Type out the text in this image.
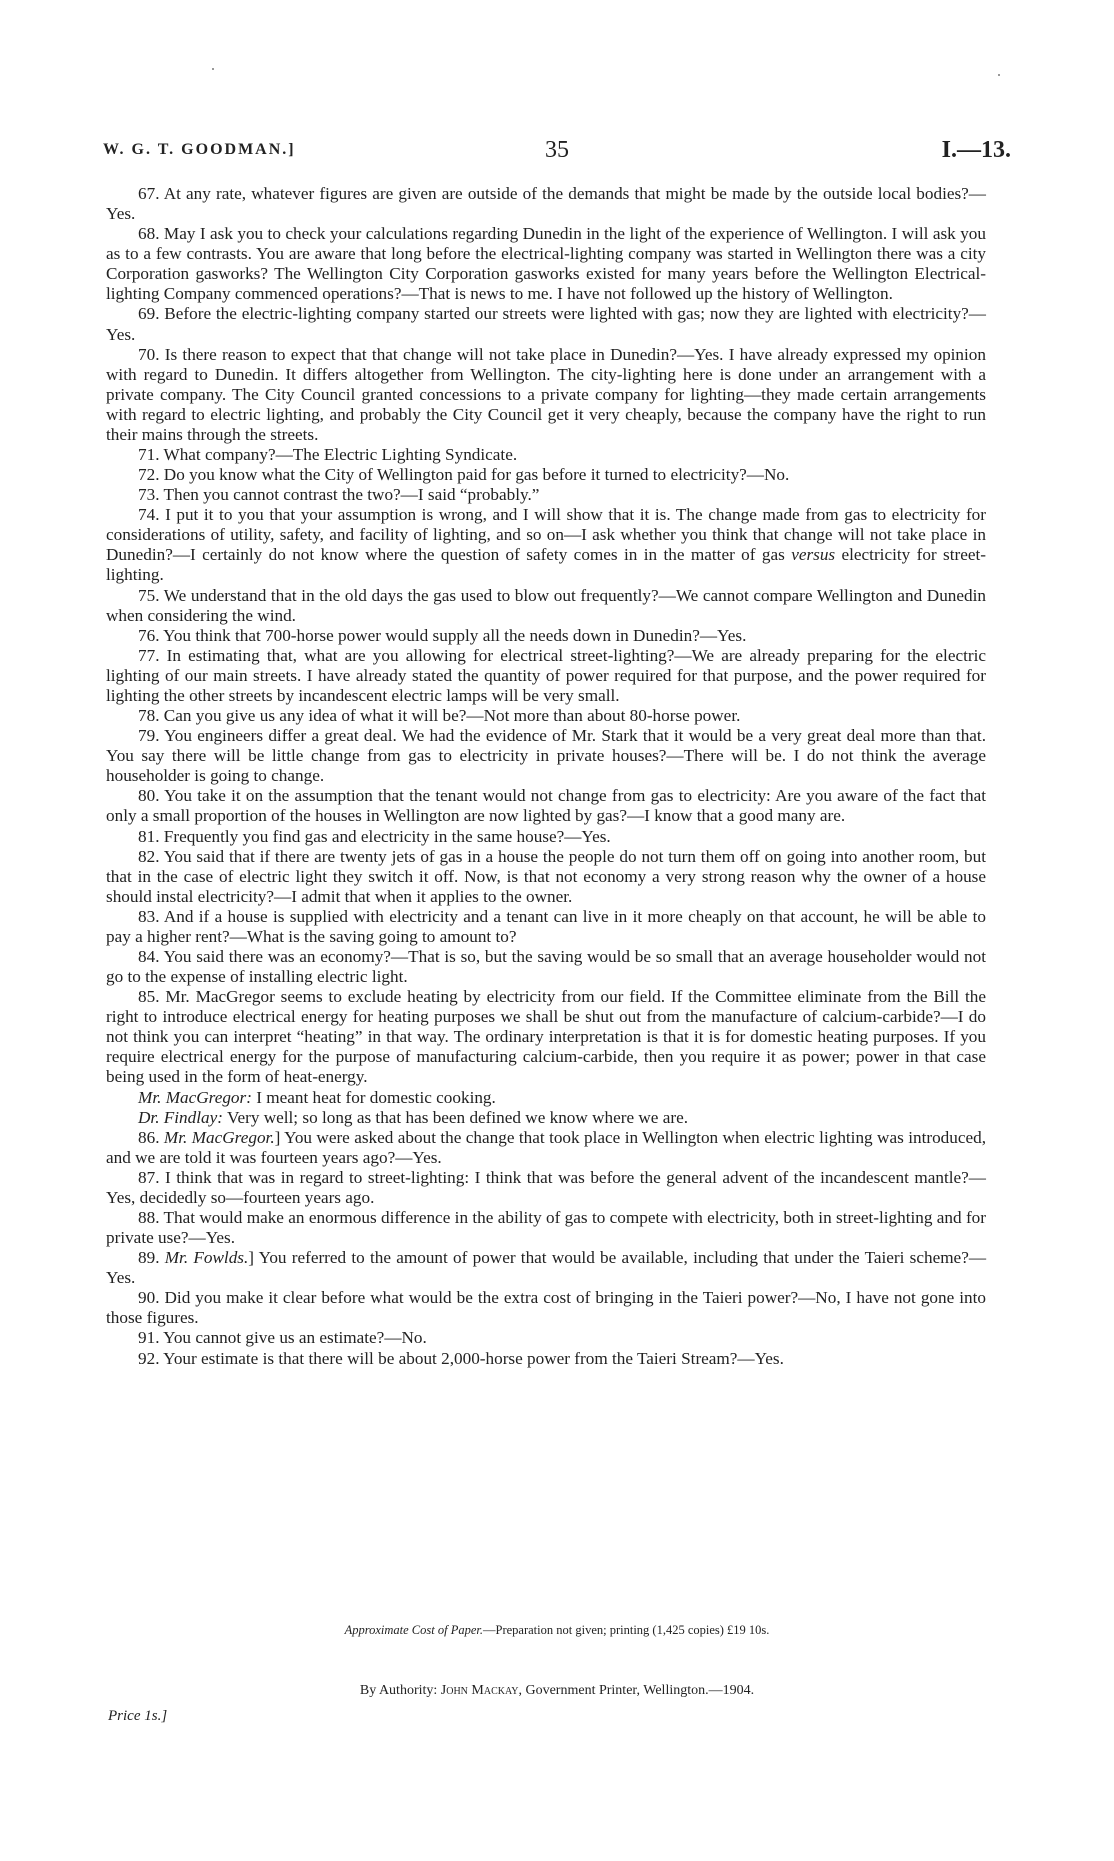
W. G. T. GOODMAN.]	35	I.—13.

67. At any rate, whatever figures are given are outside of the demands that might be made by the outside local bodies?—Yes.

68. May I ask you to check your calculations regarding Dunedin in the light of the experience of Wellington. I will ask you as to a few contrasts. You are aware that long before the electrical-lighting company was started in Wellington there was a city Corporation gasworks? The Wellington City Corporation gasworks existed for many years before the Wellington Electrical-lighting Company commenced operations?—That is news to me. I have not followed up the history of Wellington.

69. Before the electric-lighting company started our streets were lighted with gas; now they are lighted with electricity?—Yes.

70. Is there reason to expect that that change will not take place in Dunedin?—Yes. I have already expressed my opinion with regard to Dunedin. It differs altogether from Wellington. The city-lighting here is done under an arrangement with a private company. The City Council granted concessions to a private company for lighting—they made certain arrangements with regard to electric lighting, and probably the City Council get it very cheaply, because the company have the right to run their mains through the streets.

71. What company?—The Electric Lighting Syndicate.

72. Do you know what the City of Wellington paid for gas before it turned to electricity?—No.

73. Then you cannot contrast the two?—I said “probably.”

74. I put it to you that your assumption is wrong, and I will show that it is. The change made from gas to electricity for considerations of utility, safety, and facility of lighting, and so on—I ask whether you think that change will not take place in Dunedin?—I certainly do not know where the question of safety comes in in the matter of gas versus electricity for street-lighting.

75. We understand that in the old days the gas used to blow out frequently?—We cannot compare Wellington and Dunedin when considering the wind.

76. You think that 700-horse power would supply all the needs down in Dunedin?—Yes.

77. In estimating that, what are you allowing for electrical street-lighting?—We are already preparing for the electric lighting of our main streets. I have already stated the quantity of power required for that purpose, and the power required for lighting the other streets by incandescent electric lamps will be very small.

78. Can you give us any idea of what it will be?—Not more than about 80-horse power.

79. You engineers differ a great deal. We had the evidence of Mr. Stark that it would be a very great deal more than that. You say there will be little change from gas to electricity in private houses?—There will be. I do not think the average householder is going to change.

80. You take it on the assumption that the tenant would not change from gas to electricity: Are you aware of the fact that only a small proportion of the houses in Wellington are now lighted by gas?—I know that a good many are.

81. Frequently you find gas and electricity in the same house?—Yes.

82. You said that if there are twenty jets of gas in a house the people do not turn them off on going into another room, but that in the case of electric light they switch it off. Now, is that not economy a very strong reason why the owner of a house should instal electricity?—I admit that when it applies to the owner.

83. And if a house is supplied with electricity and a tenant can live in it more cheaply on that account, he will be able to pay a higher rent?—What is the saving going to amount to?

84. You said there was an economy?—That is so, but the saving would be so small that an average householder would not go to the expense of installing electric light.

85. Mr. MacGregor seems to exclude heating by electricity from our field. If the Committee eliminate from the Bill the right to introduce electrical energy for heating purposes we shall be shut out from the manufacture of calcium-carbide?—I do not think you can interpret “heating” in that way. The ordinary interpretation is that it is for domestic heating purposes. If you require electrical energy for the purpose of manufacturing calcium-carbide, then you require it as power; power in that case being used in the form of heat-energy.

Mr. MacGregor: I meant heat for domestic cooking.

Dr. Findlay: Very well; so long as that has been defined we know where we are.

86. Mr. MacGregor.] You were asked about the change that took place in Wellington when electric lighting was introduced, and we are told it was fourteen years ago?—Yes.

87. I think that was in regard to street-lighting: I think that was before the general advent of the incandescent mantle?—Yes, decidedly so—fourteen years ago.

88. That would make an enormous difference in the ability of gas to compete with electricity, both in street-lighting and for private use?—Yes.

89. Mr. Fowlds.] You referred to the amount of power that would be available, including that under the Taieri scheme?—Yes.

90. Did you make it clear before what would be the extra cost of bringing in the Taieri power?—No, I have not gone into those figures.

91. You cannot give us an estimate?—No.

92. Your estimate is that there will be about 2,000-horse power from the Taieri Stream?—Yes.

Approximate Cost of Paper.—Preparation not given; printing (1,425 copies) £19 10s.
By Authority: John Mackay, Government Printer, Wellington.—1904.
Price 1s.]
